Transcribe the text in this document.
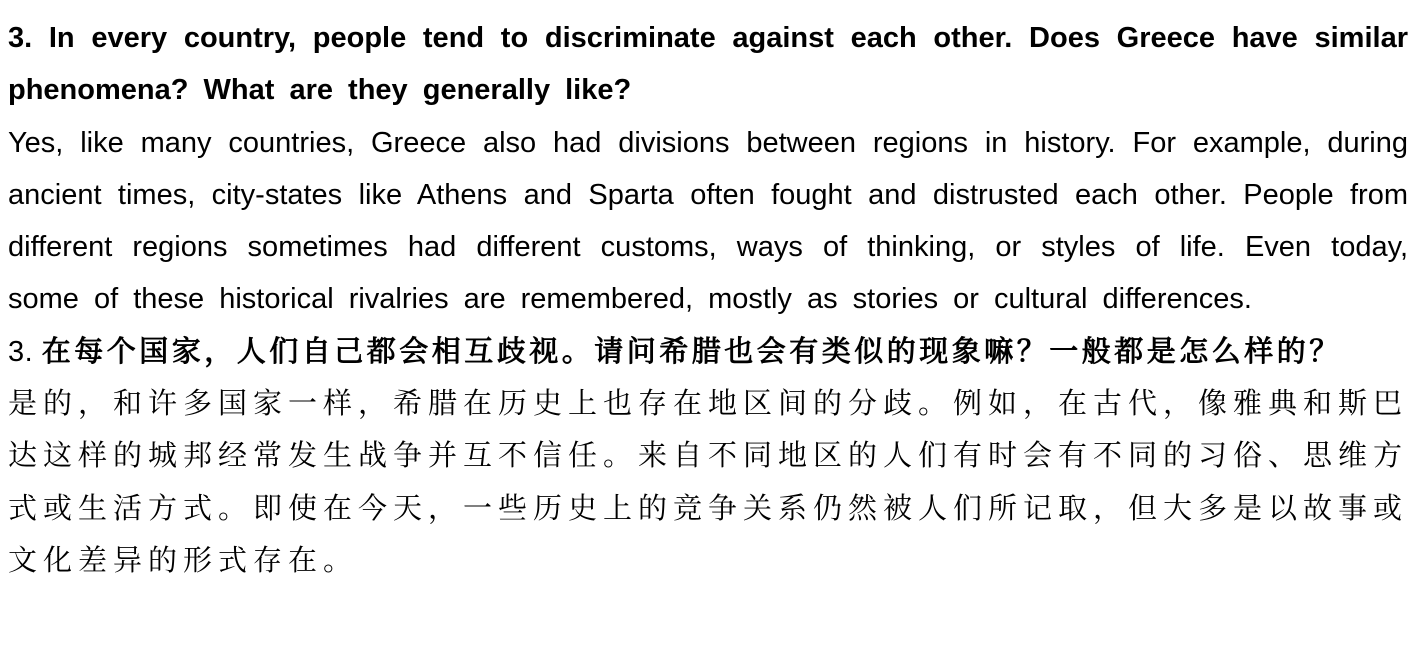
3. In every country, people tend to discriminate against each other. Does Greece have similar phenomena? What are they generally like?

Yes, like many countries, Greece also had divisions between regions in history. For example, during ancient times, city-states like Athens and Sparta often fought and distrusted each other. People from different regions sometimes had different customs, ways of thinking, or styles of life. Even today, some of these historical rivalries are remembered, mostly as stories or cultural differences.

3. 在每个国家，人们自己都会相互歧视。请问希腊也会有类似的现象嘛？一般都是怎么样的？

是的，和许多国家一样，希腊在历史上也存在地区间的分歧。例如，在古代，像雅典和斯巴达这样的城邦经常发生战争并互不信任。来自不同地区的人们有时会有不同的习俗、思维方式或生活方式。即使在今天，一些历史上的竞争关系仍然被人们所记取，但大多是以故事或文化差异的形式存在。
